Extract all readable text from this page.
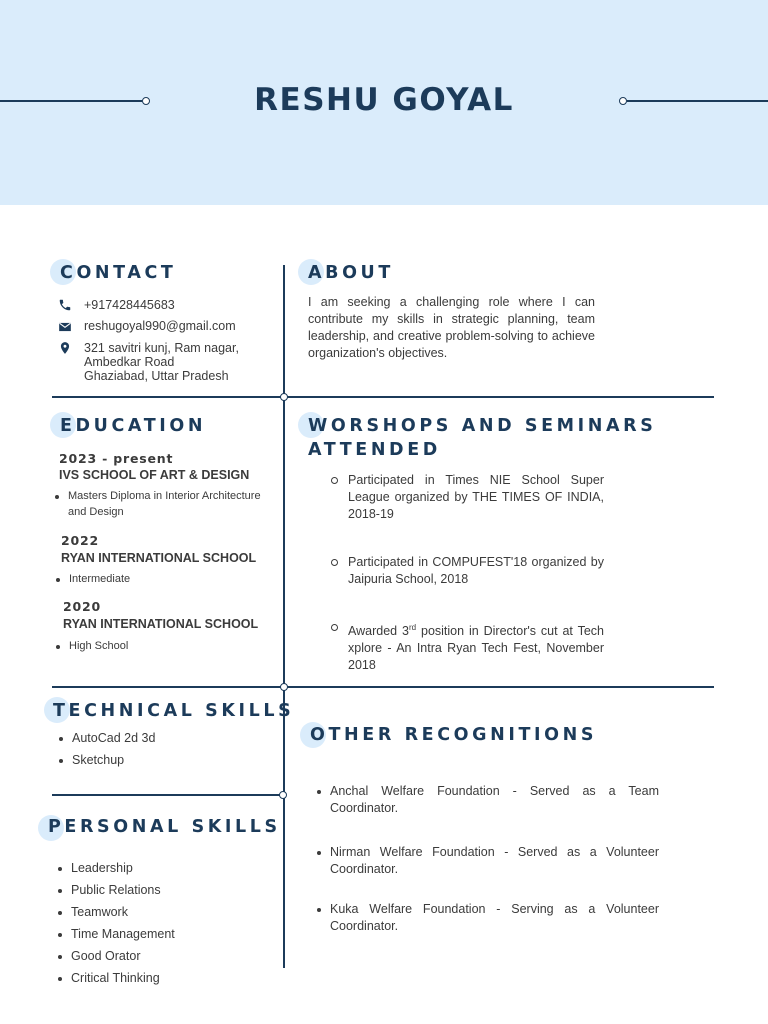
RESHU GOYAL
CONTACT
+917428445683
reshugoyal990@gmail.com
321 savitri kunj, Ram nagar,
Ambedkar Road
Ghaziabad, Uttar Pradesh
ABOUT
I am seeking a challenging role where I can contribute my skills in strategic planning, team leadership, and creative problem-solving to achieve organization's objectives.
EDUCATION
2023 - present
IVS SCHOOL OF ART & DESIGN
Masters Diploma in Interior Architecture and Design
2022
RYAN INTERNATIONAL SCHOOL
Intermediate
2020
RYAN INTERNATIONAL SCHOOL
High School
WORSHOPS AND SEMINARS
ATTENDED
Participated in Times NIE School Super League organized by THE TIMES OF INDIA, 2018-19
Participated in COMPUFEST'18 organized by Jaipuria School, 2018
Awarded 3rd position in Director's cut at Tech xplore - An Intra Ryan Tech Fest, November 2018
TECHNICAL SKILLS
AutoCad 2d 3d
Sketchup
OTHER RECOGNITIONS
Anchal Welfare Foundation - Served as a Team Coordinator.
Nirman Welfare Foundation - Served as a Volunteer Coordinator.
Kuka Welfare Foundation - Serving as a Volunteer Coordinator.
PERSONAL SKILLS
Leadership
Public Relations
Teamwork
Time Management
Good Orator
Critical Thinking
